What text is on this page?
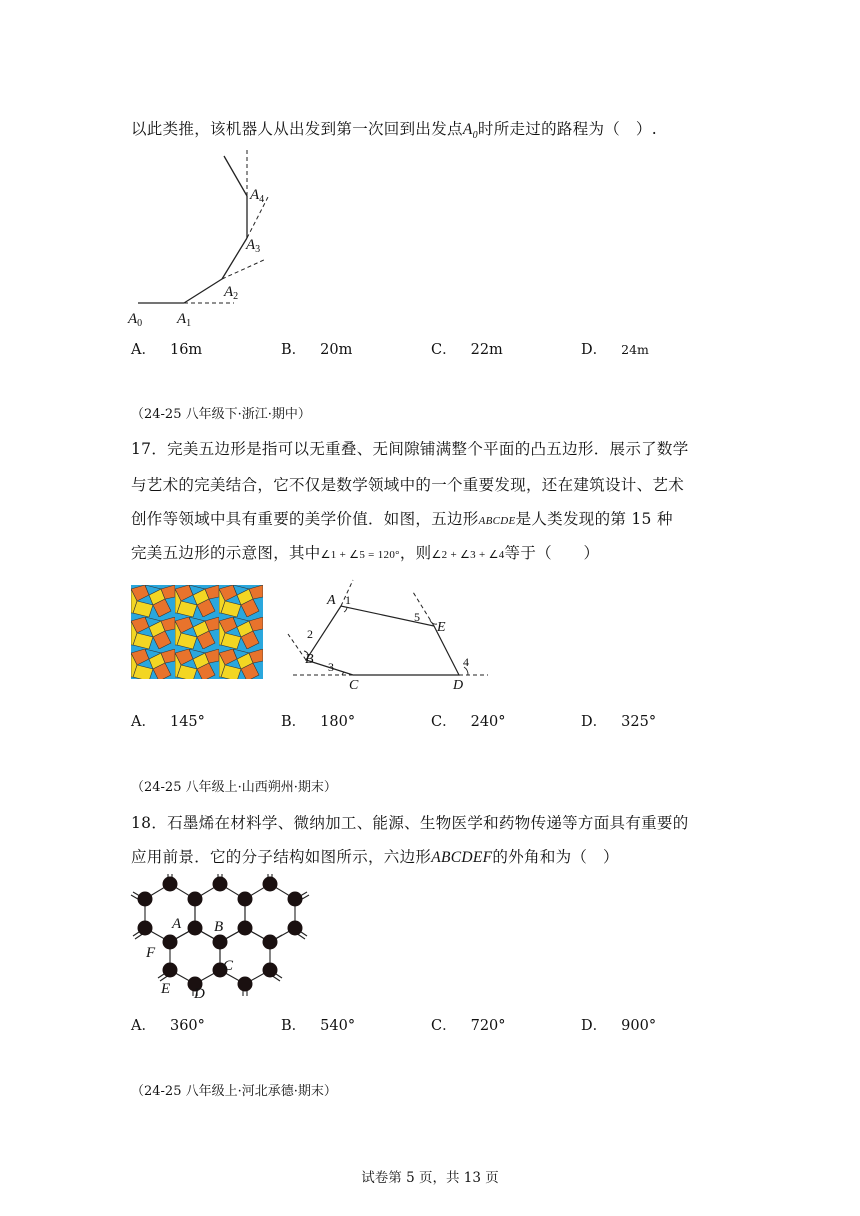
以此类推，该机器人从出发到第一次回到出发点$A_0$时所走过的路程为（　）.
$A_0$ $A_1$
$A_2$
$A_3$
$A_4$
A． 16m	B． 20m	C． 22m	D． 24m
（24-25 八年级下·浙江·期中）
17．完美五边形是指可以无重叠、无间隙铺满整个平面的凸五边形．展示了数学
与艺术的完美结合，它不仅是数学领域中的一个重要发现，还在建筑设计、艺术
创作等领域中具有重要的美学价值．如图，五边形ABCDE是人类发现的第 15 种
完美五边形的示意图，其中∠1 + ∠5 = 120°，则∠2 + ∠3 + ∠4等于（　　）
A
B
C	D
E
1
2
3	4
5
A． 145°	B． 180°	C． 240°	D． 325°
（24-25 八年级上·山西朔州·期末）
18．石墨烯在材料学、微纳加工、能源、生物医学和药物传递等方面具有重要的
应用前景．它的分子结构如图所示，六边形ABCDEF的外角和为（　）
A B
C
D
E
F
A． 360°	B． 540°	C． 720°	D． 900°
（24-25 八年级上·河北承德·期末）
试卷第 5 页，共 13 页
